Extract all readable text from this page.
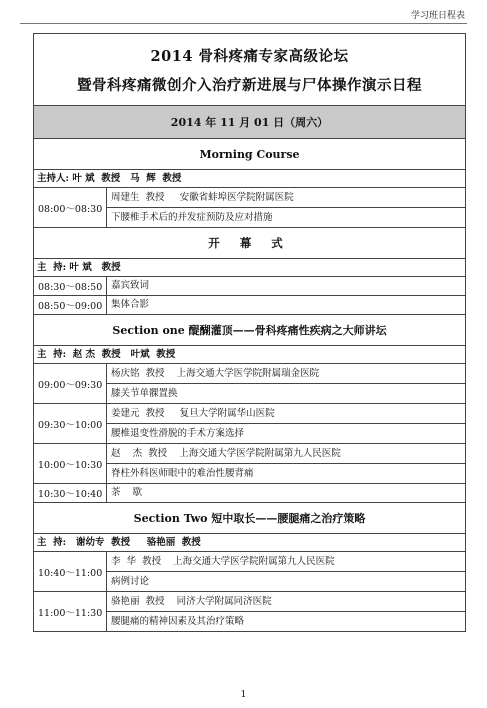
学习班日程表
2014 骨科疼痛专家高级论坛
暨骨科疼痛微创介入治疗新进展与尸体操作演示日程
2014 年 11 月 01 日（周六）
Morning Course
主持人: 叶 斌  教授   马  辉  教授
08:00～08:30
周建生  教授     安徽省蚌埠医学院附属医院
下腰椎手术后的并发症预防及应对措施
开 幕 式
主  持: 叶 斌   教授
08:30～08:50 嘉宾致词
08:50～09:00 集体合影
Section one 醍醐灌顶——骨科疼痛性疾病之大师讲坛
主  持:  赵 杰  教授   叶斌  教授
09:00～09:30
杨庆铭  教授    上海交通大学医学院附属瑞金医院
膝关节单髁置换
09:30～10:00
姜建元  教授     复旦大学附属华山医院
腰椎退变性滑脱的手术方案选择
10:00～10:30
赵    杰  教授    上海交通大学医学院附属第九人民医院
脊柱外科医师眼中的难治性腰背痛
10:30～10:40 茶    歇
Section Two 短中取长——腰腿痛之治疗策略
主  持:   谢幼专  教授     骆艳丽  教授
10:40～11:00
李  华  教授    上海交通大学医学院附属第九人民医院
病例讨论
11:00～11:30
骆艳丽  教授    同济大学附属同济医院
腰腿痛的精神因素及其治疗策略
1
